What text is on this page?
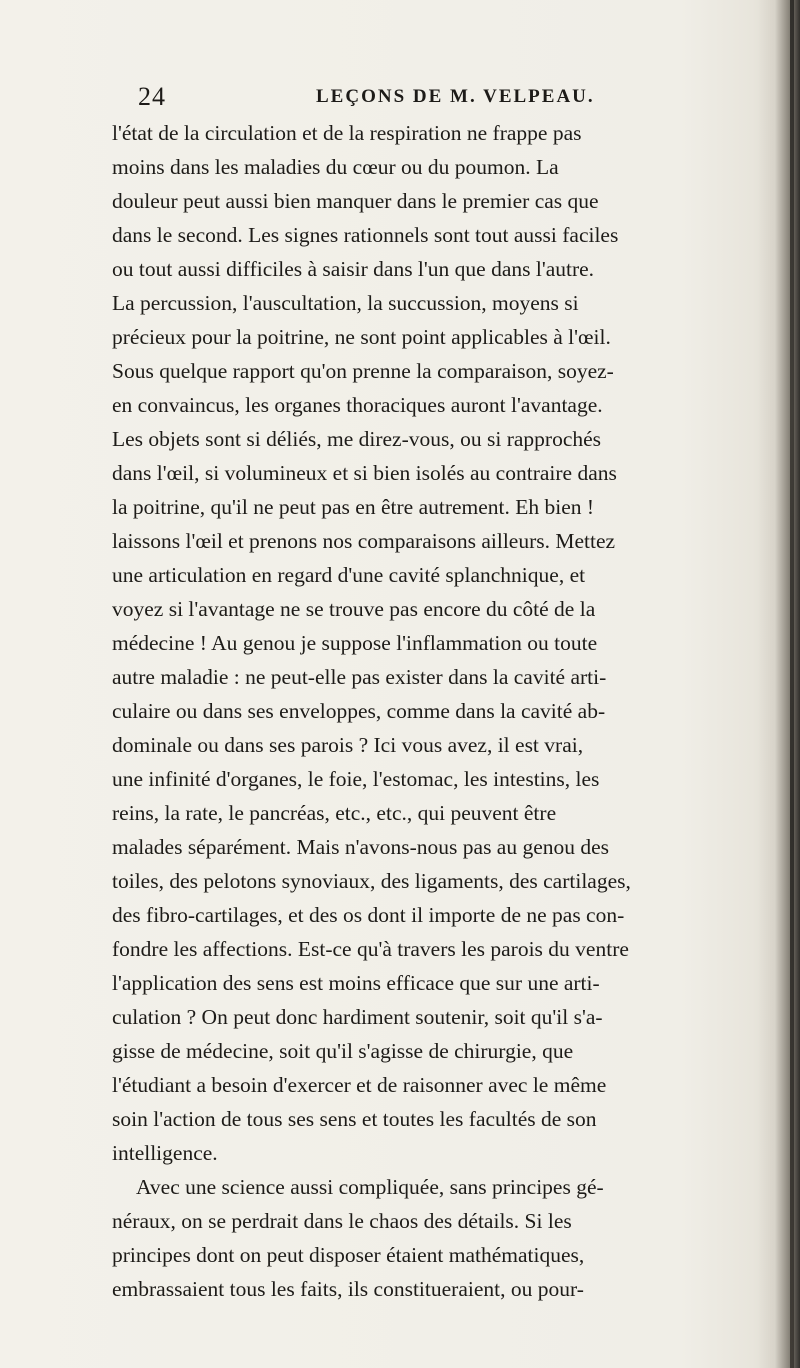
24	LEÇONS DE M. VELPEAU.
l'état de la circulation et de la respiration ne frappe pas
moins dans les maladies du cœur ou du poumon. La
douleur peut aussi bien manquer dans le premier cas que
dans le second. Les signes rationnels sont tout aussi faciles
ou tout aussi difficiles à saisir dans l'un que dans l'autre.
La percussion, l'auscultation, la succussion, moyens si
précieux pour la poitrine, ne sont point applicables à l'œil.
Sous quelque rapport qu'on prenne la comparaison, soyez-
en convaincus, les organes thoraciques auront l'avantage.
Les objets sont si déliés, me direz-vous, ou si rapprochés
dans l'œil, si volumineux et si bien isolés au contraire dans
la poitrine, qu'il ne peut pas en être autrement. Eh bien !
laissons l'œil et prenons nos comparaisons ailleurs. Mettez
une articulation en regard d'une cavité splanchnique, et
voyez si l'avantage ne se trouve pas encore du côté de la
médecine ! Au genou je suppose l'inflammation ou toute
autre maladie : ne peut-elle pas exister dans la cavité arti-
culaire ou dans ses enveloppes, comme dans la cavité ab-
dominale ou dans ses parois ? Ici vous avez, il est vrai,
une infinité d'organes, le foie, l'estomac, les intestins, les
reins, la rate, le pancréas, etc., etc., qui peuvent être
malades séparément. Mais n'avons-nous pas au genou des
toiles, des pelotons synoviaux, des ligaments, des cartilages,
des fibro-cartilages, et des os dont il importe de ne pas con-
fondre les affections. Est-ce qu'à travers les parois du ventre
l'application des sens est moins efficace que sur une arti-
culation ? On peut donc hardiment soutenir, soit qu'il s'a-
gisse de médecine, soit qu'il s'agisse de chirurgie, que
l'étudiant a besoin d'exercer et de raisonner avec le même
soin l'action de tous ses sens et toutes les facultés de son
intelligence.
Avec une science aussi compliquée, sans principes gé-
néraux, on se perdrait dans le chaos des détails. Si les
principes dont on peut disposer étaient mathématiques,
embrassaient tous les faits, ils constitueraient, ou pour-
